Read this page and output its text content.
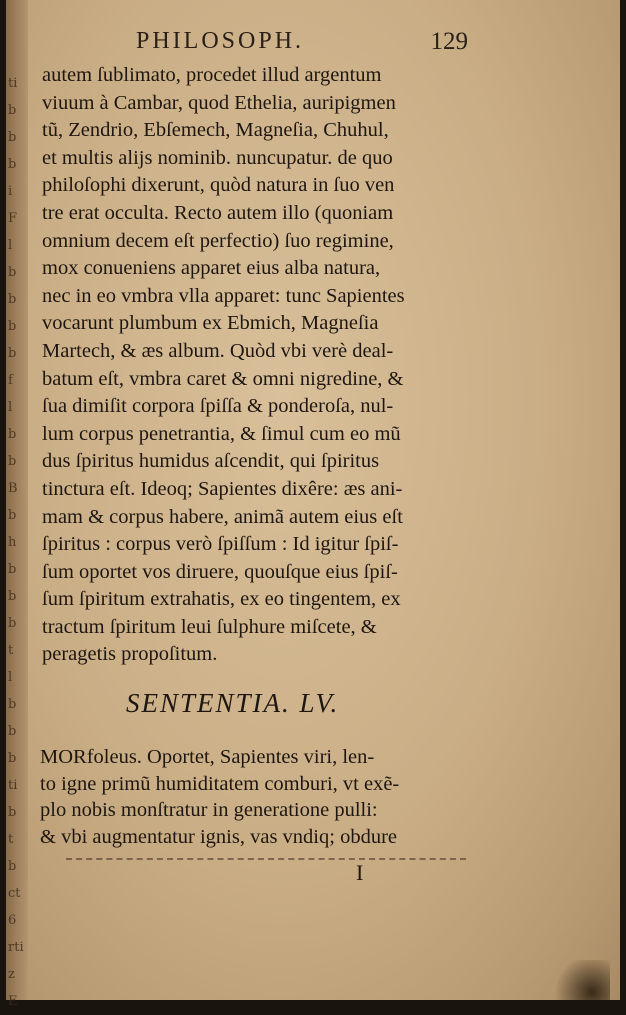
ti
b
b
b
i
F
l
b
b
b
b
f
l
b
b
B
b
h
b
b
b
t
l
b
b
b
ti
b
t
b
ct
6
rti
z
E
PHILOSOPH.	129
autem ſublimato, procedet illud argentum
viuum à Cambar, quod Ethelia, auripigmen
tũ, Zendrio, Ebſemech, Magneſia, Chuhul,
et multis alijs nominib. nuncupatur. de quo
philoſophi dixerunt, quòd natura in ſuo ven
tre erat occulta. Recto autem illo (quoniam
omnium decem eſt perfectio) ſuo regimine,
mox conueniens apparet eius alba natura,
nec in eo vmbra vlla apparet: tunc Sapientes
vocarunt plumbum ex Ebmich, Magneſia
Martech, & æs album. Quòd vbi verè deal-
batum eſt, vmbra caret & omni nigredine, &
ſua dimiſit corpora ſpiſſa & ponderoſa, nul-
lum corpus penetrantia, & ſimul cum eo mũ
dus ſpiritus humidus aſcendit, qui ſpiritus
tinctura eſt. Ideoq; Sapientes dixêre: æs ani-
mam & corpus habere, animã autem eius eſt
ſpiritus : corpus verò ſpiſſum : Id igitur ſpiſ-
ſum oportet vos diruere, quouſque eius ſpiſ-
ſum ſpiritum extrahatis, ex eo tingentem, ex
tractum ſpiritum leui ſulphure miſcete, &
peragetis propoſitum.
SENTENTIA. LV.
MORfoleus. Oportet, Sapientes viri, len-
to igne primũ humiditatem comburi, vt exẽ-
plo nobis monſtratur in generatione pulli:
& vbi augmentatur ignis, vas vndiq; obdure
I
